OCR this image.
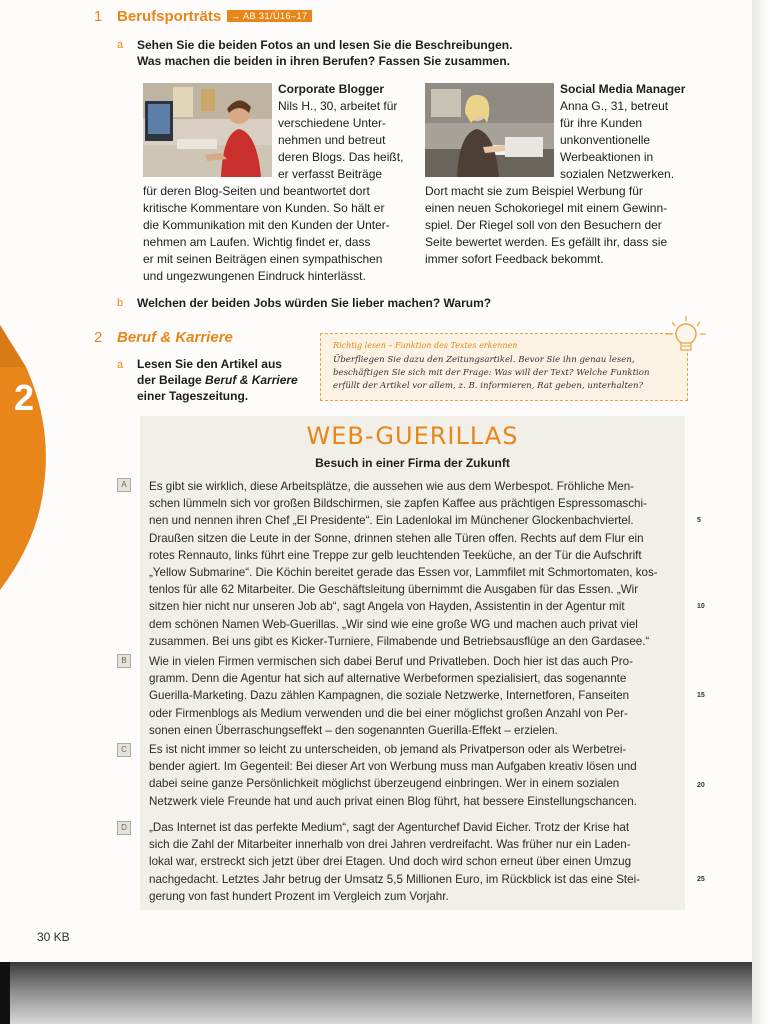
1 Berufsporträts	→ AB 31/Ü16–17
a Sehen Sie die beiden Fotos an und lesen Sie die Beschreibungen.
Was machen die beiden in ihren Berufen? Fassen Sie zusammen.
Corporate Blogger
Nils H., 30, arbeitet für
verschiedene Unter-
nehmen und betreut
deren Blogs. Das heißt,
er verfasst Beiträge
für deren Blog-Seiten und beantwortet dort
kritische Kommentare von Kunden. So hält er
die Kommunikation mit den Kunden der Unter-
nehmen am Laufen. Wichtig findet er, dass
er mit seinen Beiträgen einen sympathischen
und ungezwungenen Eindruck hinterlässt.
Social Media Manager
Anna G., 31, betreut
für ihre Kunden
unkonventionelle
Werbeaktionen in
sozialen Netzwerken.
Dort macht sie zum Beispiel Werbung für
einen neuen Schokoriegel mit einem Gewinn-
spiel. Der Riegel soll von den Besuchern der
Seite bewertet werden. Es gefällt ihr, dass sie
immer sofort Feedback bekommt.
b Welchen der beiden Jobs würden Sie lieber machen? Warum?
2 Beruf & Karriere
a Lesen Sie den Artikel aus
der Beilage Beruf & Karriere
einer Tageszeitung.
Richtig lesen – Funktion des Textes erkennen
Überfliegen Sie dazu den Zeitungsartikel. Bevor Sie ihn genau lesen, beschäftigen Sie sich mit der Frage: Was will der Text? Welche Funktion erfüllt der Artikel vor allem, z. B. informieren, Rat geben, unterhalten?
2
WEB-GUERILLAS
Besuch in einer Firma der Zukunft
Es gibt sie wirklich, diese Arbeitsplätze, die aussehen wie aus dem Werbespot. Fröhliche Men-
schen lümmeln sich vor großen Bildschirmen, sie zapfen Kaffee aus prächtigen Espressomaschi-
nen und nennen ihren Chef „El Presidente“. Ein Ladenlokal im Münchener Glockenbachviertel.
Draußen sitzen die Leute in der Sonne, drinnen stehen alle Türen offen. Rechts auf dem Flur ein
rotes Rennauto, links führt eine Treppe zur gelb leuchtenden Teeküche, an der Tür die Aufschrift
„Yellow Submarine“. Die Köchin bereitet gerade das Essen vor, Lammfilet mit Schmortomaten, kos-
tenlos für alle 62 Mitarbeiter. Die Geschäftsleitung übernimmt die Ausgaben für das Essen. „Wir
sitzen hier nicht nur unseren Job ab“, sagt Angela von Hayden, Assistentin in der Agentur mit
dem schönen Namen Web-Guerillas. „Wir sind wie eine große WG und machen auch privat viel
zusammen. Bei uns gibt es Kicker-Turniere, Filmabende und Betriebsausflüge an den Gardasee.“
Wie in vielen Firmen vermischen sich dabei Beruf und Privatleben. Doch hier ist das auch Pro-
gramm. Denn die Agentur hat sich auf alternative Werbeformen spezialisiert, das sogenannte
Guerilla-Marketing. Dazu zählen Kampagnen, die soziale Netzwerke, Internetforen, Fanseiten
oder Firmenblogs als Medium verwenden und die bei einer möglichst großen Anzahl von Per-
sonen einen Überraschungseffekt – den sogenannten Guerilla-Effekt – erzielen.
Es ist nicht immer so leicht zu unterscheiden, ob jemand als Privatperson oder als Werbetrei-
bender agiert. Im Gegenteil: Bei dieser Art von Werbung muss man Aufgaben kreativ lösen und
dabei seine ganze Persönlichkeit möglichst überzeugend einbringen. Wer in einem sozialen
Netzwerk viele Freunde hat und auch privat einen Blog führt, hat bessere Einstellungschancen.
„Das Internet ist das perfekte Medium“, sagt der Agenturchef David Eicher. Trotz der Krise hat
sich die Zahl der Mitarbeiter innerhalb von drei Jahren verdreifacht. Was früher nur ein Laden-
lokal war, erstreckt sich jetzt über drei Etagen. Und doch wird schon erneut über einen Umzug
nachgedacht. Letztes Jahr betrug der Umsatz 5,5 Millionen Euro, im Rückblick ist das eine Stei-
gerung von fast hundert Prozent im Vergleich zum Vorjahr.
A
B
C
D
5
10
15
20
25
30 KB
